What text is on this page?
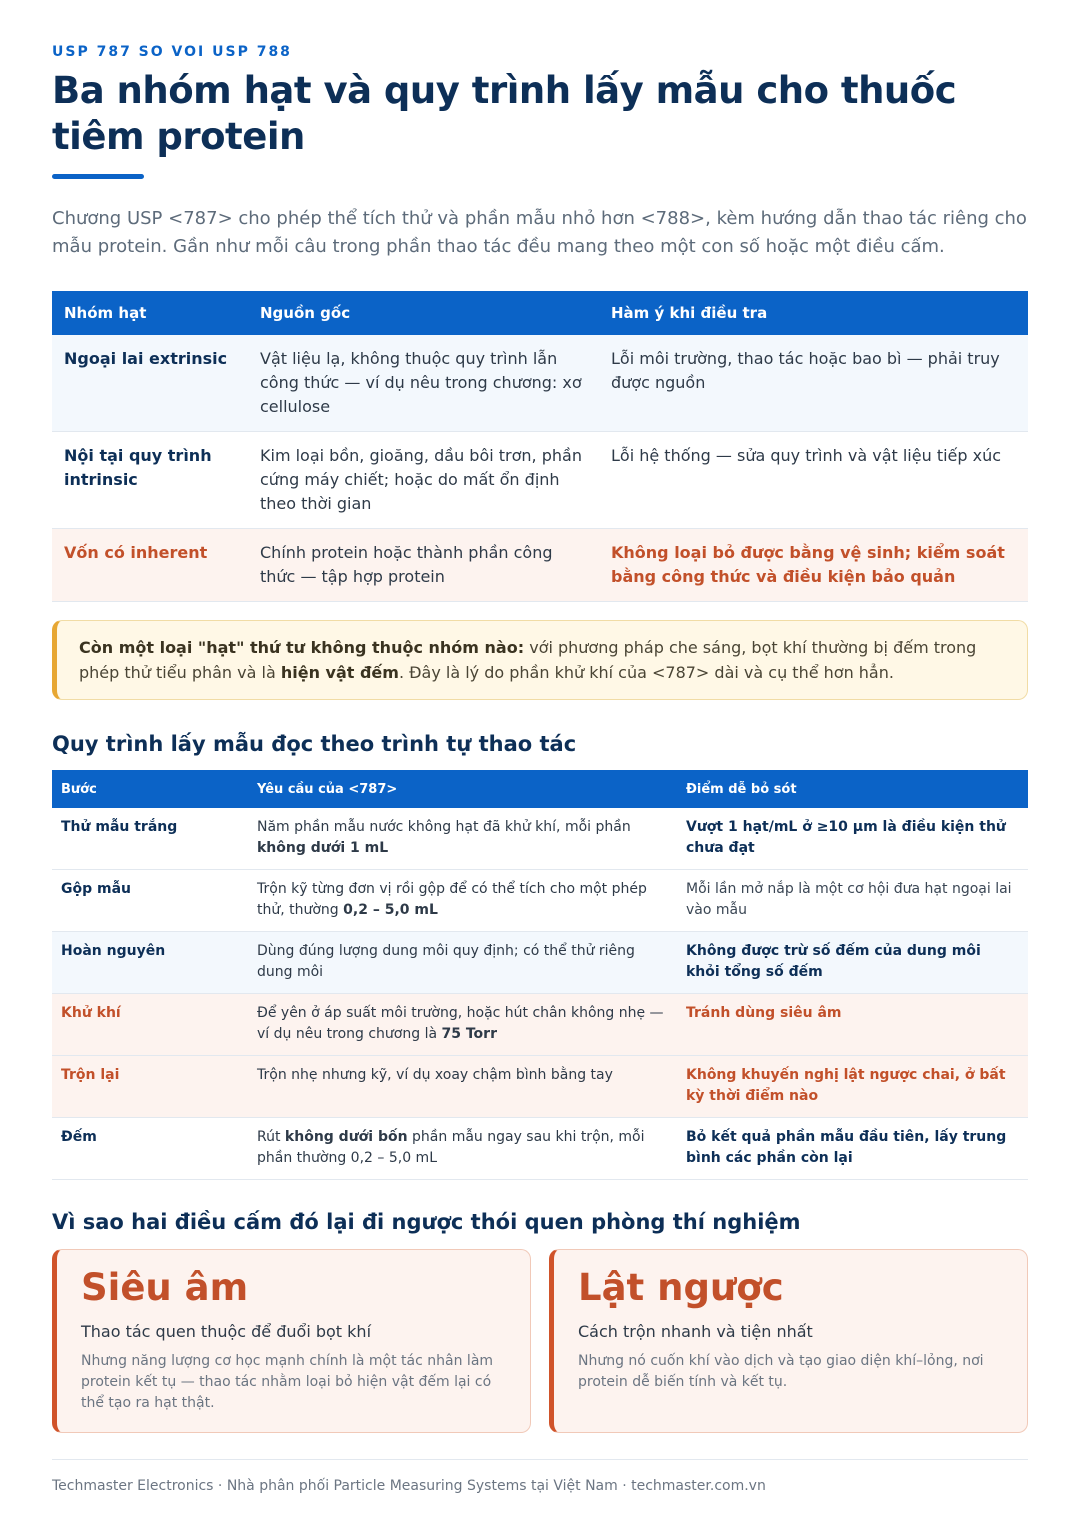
USP 787 SO VOI USP 788
Ba nhóm hạt và quy trình lấy mẫu cho thuốc tiêm protein

Chương USP <787> cho phép thể tích thử và phần mẫu nhỏ hơn <788>, kèm hướng dẫn thao tác riêng cho mẫu protein. Gần như mỗi câu trong phần thao tác đều mang theo một con số hoặc một điều cấm.

Nhóm hạt	Nguồn gốc	Hàm ý khi điều tra
Ngoại lai extrinsic	Vật liệu lạ, không thuộc quy trình lẫn công thức — ví dụ nêu trong chương: xơ cellulose	Lỗi môi trường, thao tác hoặc bao bì — phải truy được nguồn
Nội tại quy trình intrinsic	Kim loại bồn, gioăng, dầu bôi trơn, phần cứng máy chiết; hoặc do mất ổn định theo thời gian	Lỗi hệ thống — sửa quy trình và vật liệu tiếp xúc
Vốn có inherent	Chính protein hoặc thành phần công thức — tập hợp protein	Không loại bỏ được bằng vệ sinh; kiểm soát bằng công thức và điều kiện bảo quản
Còn một loại "hạt" thứ tư không thuộc nhóm nào: với phương pháp che sáng, bọt khí thường bị đếm trong phép thử tiểu phân và là hiện vật đếm. Đây là lý do phần khử khí của <787> dài và cụ thể hơn hẳn.
Quy trình lấy mẫu đọc theo trình tự thao tác
Bước	Yêu cầu của <787>	Điểm dễ bỏ sót
Thử mẫu trắng	Năm phần mẫu nước không hạt đã khử khí, mỗi phần không dưới 1 mL	Vượt 1 hạt/mL ở ≥10 µm là điều kiện thử chưa đạt
Gộp mẫu	Trộn kỹ từng đơn vị rồi gộp để có thể tích cho một phép thử, thường 0,2 – 5,0 mL	Mỗi lần mở nắp là một cơ hội đưa hạt ngoại lai vào mẫu
Hoàn nguyên	Dùng đúng lượng dung môi quy định; có thể thử riêng dung môi	Không được trừ số đếm của dung môi khỏi tổng số đếm
Khử khí	Để yên ở áp suất môi trường, hoặc hút chân không nhẹ — ví dụ nêu trong chương là 75 Torr	Tránh dùng siêu âm
Trộn lại	Trộn nhẹ nhưng kỹ, ví dụ xoay chậm bình bằng tay	Không khuyến nghị lật ngược chai, ở bất kỳ thời điểm nào
Đếm	Rút không dưới bốn phần mẫu ngay sau khi trộn, mỗi phần thường 0,2 – 5,0 mL	Bỏ kết quả phần mẫu đầu tiên, lấy trung bình các phần còn lại
Vì sao hai điều cấm đó lại đi ngược thói quen phòng thí nghiệm
Siêu âm
Thao tác quen thuộc để đuổi bọt khí
Nhưng năng lượng cơ học mạnh chính là một tác nhân làm protein kết tụ — thao tác nhằm loại bỏ hiện vật đếm lại có thể tạo ra hạt thật.
Lật ngược
Cách trộn nhanh và tiện nhất
Nhưng nó cuốn khí vào dịch và tạo giao diện khí–lỏng, nơi protein dễ biến tính và kết tụ.
Techmaster Electronics · Nhà phân phối Particle Measuring Systems tại Việt Nam · techmaster.com.vn
